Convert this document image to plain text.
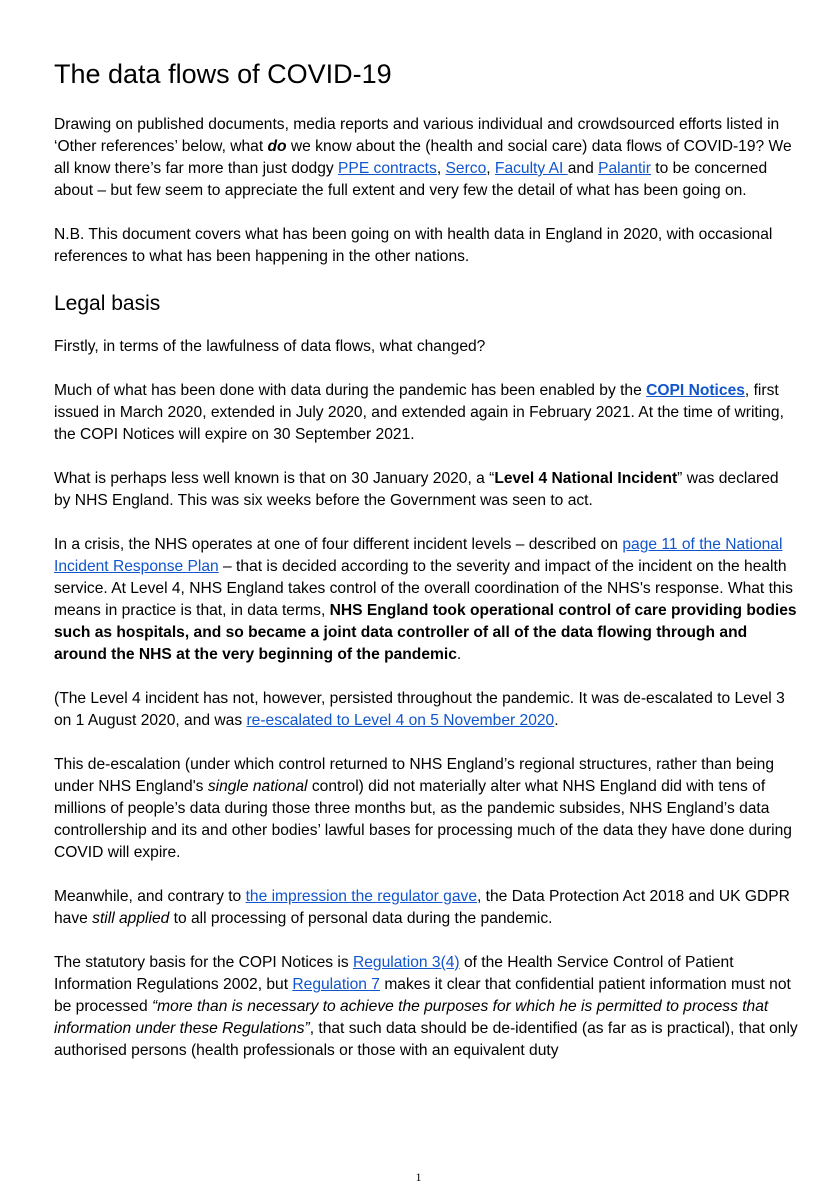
The data flows of COVID-19

Drawing on published documents, media reports and various individual and crowdsourced efforts listed in ‘Other references’ below, what do we know about the (health and social care) data flows of COVID-19? We all know there’s far more than just dodgy PPE contracts, Serco, Faculty AI and Palantir to be concerned about – but few seem to appreciate the full extent and very few the detail of what has been going on.

N.B. This document covers what has been going on with health data in England in 2020, with occasional references to what has been happening in the other nations.

Legal basis

Firstly, in terms of the lawfulness of data flows, what changed?

Much of what has been done with data during the pandemic has been enabled by the COPI Notices, first issued in March 2020, extended in July 2020, and extended again in February 2021. At the time of writing, the COPI Notices will expire on 30 September 2021.

What is perhaps less well known is that on 30 January 2020, a “Level 4 National Incident” was declared by NHS England. This was six weeks before the Government was seen to act.

In a crisis, the NHS operates at one of four different incident levels – described on page 11 of the National Incident Response Plan – that is decided according to the severity and impact of the incident on the health service. At Level 4, NHS England takes control of the overall coordination of the NHS's response. What this means in practice is that, in data terms, NHS England took operational control of care providing bodies such as hospitals, and so became a joint data controller of all of the data flowing through and around the NHS at the very beginning of the pandemic.

(The Level 4 incident has not, however, persisted throughout the pandemic. It was de-escalated to Level 3 on 1 August 2020, and was re-escalated to Level 4 on 5 November 2020.

This de-escalation (under which control returned to NHS England’s regional structures, rather than being under NHS England's single national control) did not materially alter what NHS England did with tens of millions of people’s data during those three months but, as the pandemic subsides, NHS England’s data controllership and its and other bodies’ lawful bases for processing much of the data they have done during COVID will expire.

Meanwhile, and contrary to the impression the regulator gave, the Data Protection Act 2018 and UK GDPR have still applied to all processing of personal data during the pandemic.

The statutory basis for the COPI Notices is Regulation 3(4) of the Health Service Control of Patient Information Regulations 2002, but Regulation 7 makes it clear that confidential patient information must not be processed “more than is necessary to achieve the purposes for which he is permitted to process that information under these Regulations”, that such data should be de-identified (as far as is practical), that only authorised persons (health professionals or those with an equivalent duty

1
